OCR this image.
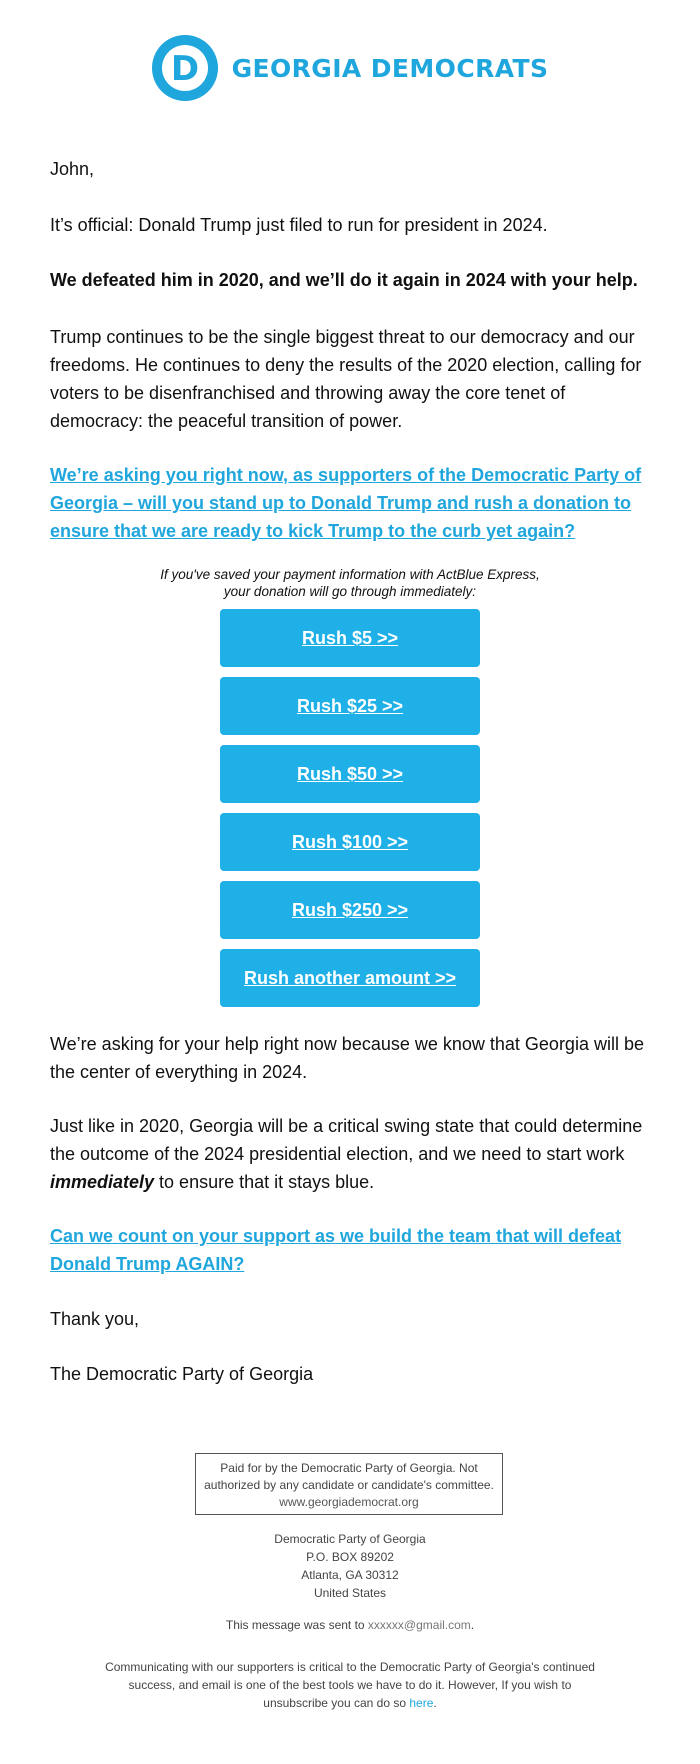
D GEORGIA DEMOCRATS

John,

It’s official: Donald Trump just filed to run for president in 2024.

We defeated him in 2020, and we’ll do it again in 2024 with your help.

Trump continues to be the single biggest threat to our democracy and our freedoms. He continues to deny the results of the 2020 election, calling for voters to be disenfranchised and throwing away the core tenet of democracy: the peaceful transition of power.

We’re asking you right now, as supporters of the Democratic Party of Georgia – will you stand up to Donald Trump and rush a donation to ensure that we are ready to kick Trump to the curb yet again?

If you've saved your payment information with ActBlue Express,
your donation will go through immediately:
Rush $5 >>
Rush $25 >>
Rush $50 >>
Rush $100 >>
Rush $250 >>
Rush another amount >>

We’re asking for your help right now because we know that Georgia will be the center of everything in 2024.

Just like in 2020, Georgia will be a critical swing state that could determine the outcome of the 2024 presidential election, and we need to start work immediately to ensure that it stays blue.

Can we count on your support as we build the team that will defeat Donald Trump AGAIN?

Thank you,

The Democratic Party of Georgia

Paid for by the Democratic Party of Georgia. Not
authorized by any candidate or candidate's committee.
www.georgiademocrat.org
Democratic Party of Georgia
P.O. BOX 89202
Atlanta, GA 30312
United States
This message was sent to xxxxxx@gmail.com.
Communicating with our supporters is critical to the Democratic Party of Georgia's continued success, and email is one of the best tools we have to do it. However, If you wish to unsubscribe you can do so here.
